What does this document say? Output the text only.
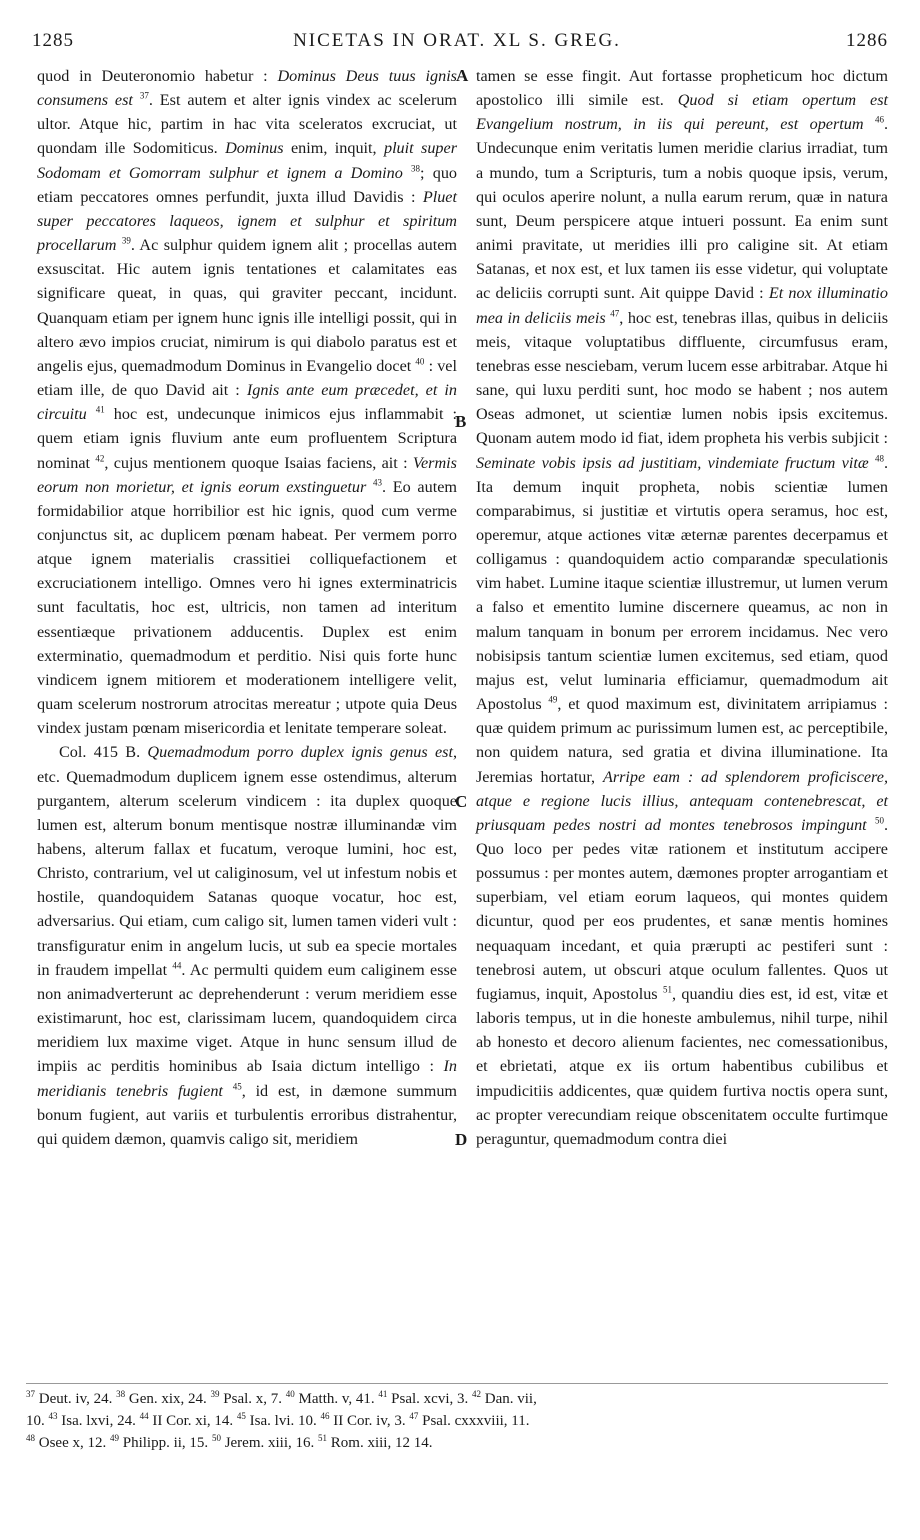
1285	NICETAS IN ORAT. XL S. GREG.	1286

quod in Deuteronomio habetur : Dominus Deus tuus ignis consumens est $^{37}$. Est autem et alter ignis vindex ac scelerum ultor. Atque hic, partim in hac vita sceleratos excruciat, ut quondam ille Sodomiticus. Dominus enim, inquit, pluit super Sodomam et Gomorram sulphur et ignem a Domino $^{38}$; quo etiam peccatores omnes perfundit, juxta illud Davidis : Pluet super peccatores laqueos, ignem et sulphur et spiritum procellarum $^{39}$. Ac sulphur quidem ignem alit ; procellas autem exsuscitat. Hic autem ignis tentationes et calamitates eas significare queat, in quas, qui graviter peccant, incidunt. Quanquam etiam per ignem hunc ignis ille intelligi possit, qui in altero ævo impios cruciat, nimirum is qui diabolo paratus est et angelis ejus, quemadmodum Dominus in Evangelio docet $^{40}$ : vel etiam ille, de quo David ait : Ignis ante eum præcedet, et in circuitu $^{41}$ hoc est, undecunque inimicos ejus inflammabit : quem etiam ignis fluvium ante eum profluentem Scriptura nominat $^{42}$, cujus mentionem quoque Isaias faciens, ait : Vermis eorum non morietur, et ignis eorum exstinguetur $^{43}$. Eo autem formidabilior atque horribilior est hic ignis, quod cum verme conjunctus sit, ac duplicem pœnam habeat. Per vermem porro atque ignem materialis crassitiei colliquefactionem et excruciationem intelligo. Omnes vero hi ignes exterminatricis sunt facultatis, hoc est, ultricis, non tamen ad interitum essentiæque privationem adducentis. Duplex est enim exterminatio, quemadmodum et perditio. Nisi quis forte hunc vindicem ignem mitiorem et moderationem intelligere velit, quam scelerum nostrorum atrocitas mereatur ; utpote quia Deus vindex justam pœnam misericordia et lenitate temperare soleat.

Col. 415 B. Quemadmodum porro duplex ignis genus est, etc. Quemadmodum duplicem ignem esse ostendimus, alterum purgantem, alterum scelerum vindicem : ita duplex quoque lumen est, alterum bonum mentisque nostræ illuminandæ vim habens, alterum fallax et fucatum, veroque lumini, hoc est, Christo, contrarium, vel ut caliginosum, vel ut infestum nobis et hostile, quandoquidem Satanas quoque vocatur, hoc est, adversarius. Qui etiam, cum caligo sit, lumen tamen videri vult : transfiguratur enim in angelum lucis, ut sub ea specie mortales in fraudem impellat $^{44}$. Ac permulti quidem eum caliginem esse non animadverterunt ac deprehenderunt : verum meridiem esse existimarunt, hoc est, clarissimam lucem, quandoquidem circa meridiem lux maxime viget. Atque in hunc sensum illud de impiis ac perditis hominibus ab Isaia dictum intelligo : In meridianis tenebris fugient $^{45}$, id est, in dæmone summum bonum fugient, aut variis et turbulentis erroribus distrahentur, qui quidem dæmon, quamvis caligo sit, meridiem

tamen se esse fingit. Aut fortasse propheticum hoc dictum apostolico illi simile est. Quod si etiam opertum est Evangelium nostrum, in iis qui pereunt, est opertum $^{46}$. Undecunque enim veritatis lumen meridie clarius irradiat, tum a mundo, tum a Scripturis, tum a nobis quoque ipsis, verum, qui oculos aperire nolunt, a nulla earum rerum, quæ in natura sunt, Deum perspicere atque intueri possunt. Ea enim sunt animi pravitate, ut meridies illi pro caligine sit. At etiam Satanas, et nox est, et lux tamen iis esse videtur, qui voluptate ac deliciis corrupti sunt. Ait quippe David : Et nox illuminatio mea in deliciis meis $^{47}$, hoc est, tenebras illas, quibus in deliciis meis, vitaque voluptatibus diffluente, circumfusus eram, tenebras esse nesciebam, verum lucem esse arbitrabar. Atque hi sane, qui luxu perditi sunt, hoc modo se habent ; nos autem Oseas admonet, ut scientiæ lumen nobis ipsis excitemus. Quonam autem modo id fiat, idem propheta his verbis subjicit : Seminate vobis ipsis ad justitiam, vindemiate fructum vitæ $^{48}$. Ita demum inquit propheta, nobis scientiæ lumen comparabimus, si justitiæ et virtutis opera seramus, hoc est, operemur, atque actiones vitæ æternæ parentes decerpamus et colligamus : quandoquidem actio comparandæ speculationis vim habet. Lumine itaque scientiæ illustremur, ut lumen verum a falso et ementito lumine discernere queamus, ac non in malum tanquam in bonum per errorem incidamus. Nec vero nobisipsis tantum scientiæ lumen excitemus, sed etiam, quod majus est, velut luminaria efficiamur, quemadmodum ait Apostolus $^{49}$, et quod maximum est, divinitatem arripiamus : quæ quidem primum ac purissimum lumen est, ac perceptibile, non quidem natura, sed gratia et divina illuminatione. Ita Jeremias hortatur, Arripe eam : ad splendorem proficiscere, atque e regione lucis illius, antequam contenebrescat, et priusquam pedes nostri ad montes tenebrosos impingunt $^{50}$. Quo loco per pedes vitæ rationem et institutum accipere possumus : per montes autem, dæmones propter arrogantiam et superbiam, vel etiam eorum laqueos, qui montes quidem dicuntur, quod per eos prudentes, et sanæ mentis homines nequaquam incedant, et quia prærupti ac pestiferi sunt : tenebrosi autem, ut obscuri atque oculum fallentes. Quos ut fugiamus, inquit, Apostolus $^{51}$, quandiu dies est, id est, vitæ et laboris tempus, ut in die honeste ambulemus, nihil turpe, nihil ab honesto et decoro alienum facientes, nec comessationibus, et ebrietati, atque ex iis ortum habentibus cubilibus et impudicitiis addicentes, quæ quidem furtiva noctis opera sunt, ac propter verecundiam reique obscenitatem occulte furtimque peraguntur, quemadmodum contra diei

A
B
C
D

$^{37}$ Deut. iv, 24. $^{38}$ Gen. xix, 24. $^{39}$ Psal. x, 7. $^{40}$ Matth. v, 41. $^{41}$ Psal. xcvi, 3. $^{42}$ Dan. vii,

10. $^{43}$ Isa. lxvi, 24. $^{44}$ II Cor. xi, 14. $^{45}$ Isa. lvi. 10. $^{46}$ II Cor. iv, 3. $^{47}$ Psal. cxxxviii, 11.

$^{48}$ Osee x, 12. $^{49}$ Philipp. ii, 15. $^{50}$ Jerem. xiii, 16. $^{51}$ Rom. xiii, 12 14.
